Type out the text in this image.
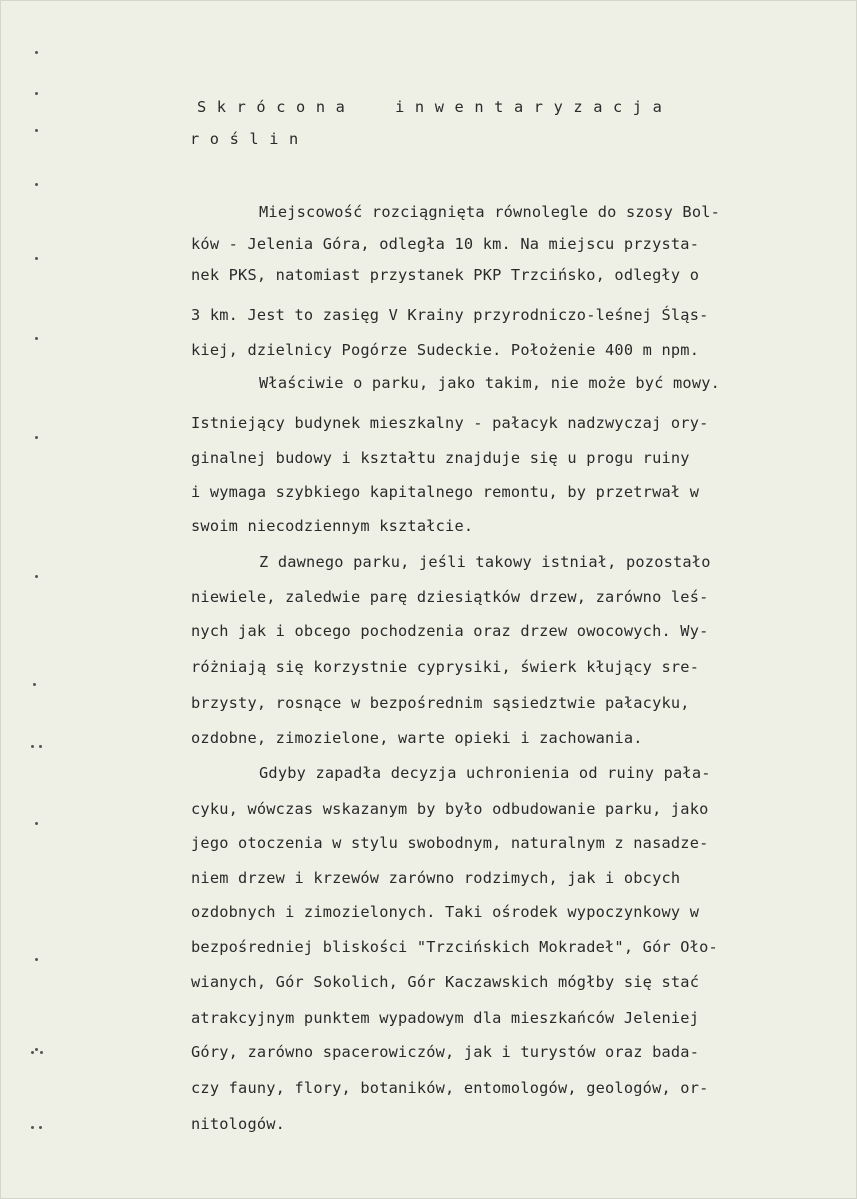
Skrócona  inwentaryzacja
roślin
Miejscowość rozciągnięta równolegle do szosy Bol-
ków - Jelenia Góra, odległa 10 km. Na miejscu przysta-
nek PKS, natomiast przystanek PKP Trzcińsko, odległy o
3 km. Jest to zasięg V Krainy przyrodniczo-leśnej Śląs-
kiej, dzielnicy Pogórze Sudeckie. Położenie 400 m npm.
Właściwie o parku, jako takim, nie może być mowy.
Istniejący budynek mieszkalny - pałacyk nadzwyczaj ory-
ginalnej budowy i kształtu znajduje się u progu ruiny
i wymaga szybkiego kapitalnego remontu, by przetrwał w
swoim niecodziennym kształcie.
Z dawnego parku, jeśli takowy istniał, pozostało
niewiele, zaledwie parę dziesiątków drzew, zarówno leś-
nych jak i obcego pochodzenia oraz drzew owocowych. Wy-
różniają się korzystnie cyprysiki, świerk kłujący sre-
brzysty, rosnące w bezpośrednim sąsiedztwie pałacyku,
ozdobne, zimozielone, warte opieki i zachowania.
Gdyby zapadła decyzja uchronienia od ruiny pała-
cyku, wówczas wskazanym by było odbudowanie parku, jako
jego otoczenia w stylu swobodnym, naturalnym z nasadze-
niem drzew i krzewów zarówno rodzimych, jak i obcych
ozdobnych i zimozielonych. Taki ośrodek wypoczynkowy w
bezpośredniej bliskości "Trzcińskich Mokradeł", Gór Oło-
wianych, Gór Sokolich, Gór Kaczawskich mógłby się stać
atrakcyjnym punktem wypadowym dla mieszkańców Jeleniej
Góry, zarówno spacerowiczów, jak i turystów oraz bada-
czy fauny, flory, botaników, entomologów, geologów, or-
nitologów.
